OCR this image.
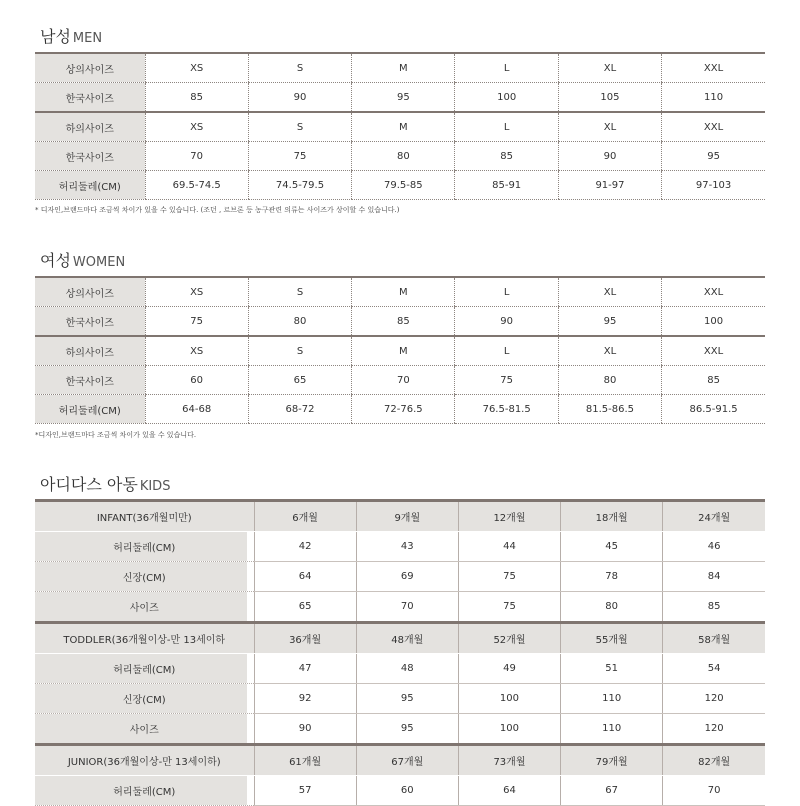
남성 MEN
상의사이즈	XS	S	M	L	XL	XXL
한국사이즈	85	90	95	100	105	110
하의사이즈	XS	S	M	L	XL	XXL
한국사이즈	70	75	80	85	90	95
허리둘레(CM)	69.5-74.5	74.5-79.5	79.5-85	85-91	91-97	97-103

* 디자인,브랜드마다 조금씩 차이가 있을 수 있습니다. (조던 , 르브론 등 농구관련 의류는 사이즈가 상이할 수 있습니다.)

여성 WOMEN
상의사이즈	XS	S	M	L	XL	XXL
한국사이즈	75	80	85	90	95	100
하의사이즈	XS	S	M	L	XL	XXL
한국사이즈	60	65	70	75	80	85
허리둘레(CM)	64-68	68-72	72-76.5	76.5-81.5	81.5-86.5	86.5-91.5

*디자인,브랜드마다 조금씩 차이가 있을 수 있습니다.

아디다스 아동 KIDS
INFANT(36개월미만)	6개월	9개월	12개월	18개월	24개월
허리둘레(CM)	42	43	44	45	46
신장(CM)	64	69	75	78	84
사이즈	65	70	75	80	85
TODDLER(36개월이상-만 13세이하	36개월	48개월	52개월	55개월	58개월
허리둘레(CM)	47	48	49	51	54
신장(CM)	92	95	100	110	120
사이즈	90	95	100	110	120
JUNIOR(36개월이상-만 13세이하)	61개월	67개월	73개월	79개월	82개월
허리둘레(CM)	57	60	64	67	70
